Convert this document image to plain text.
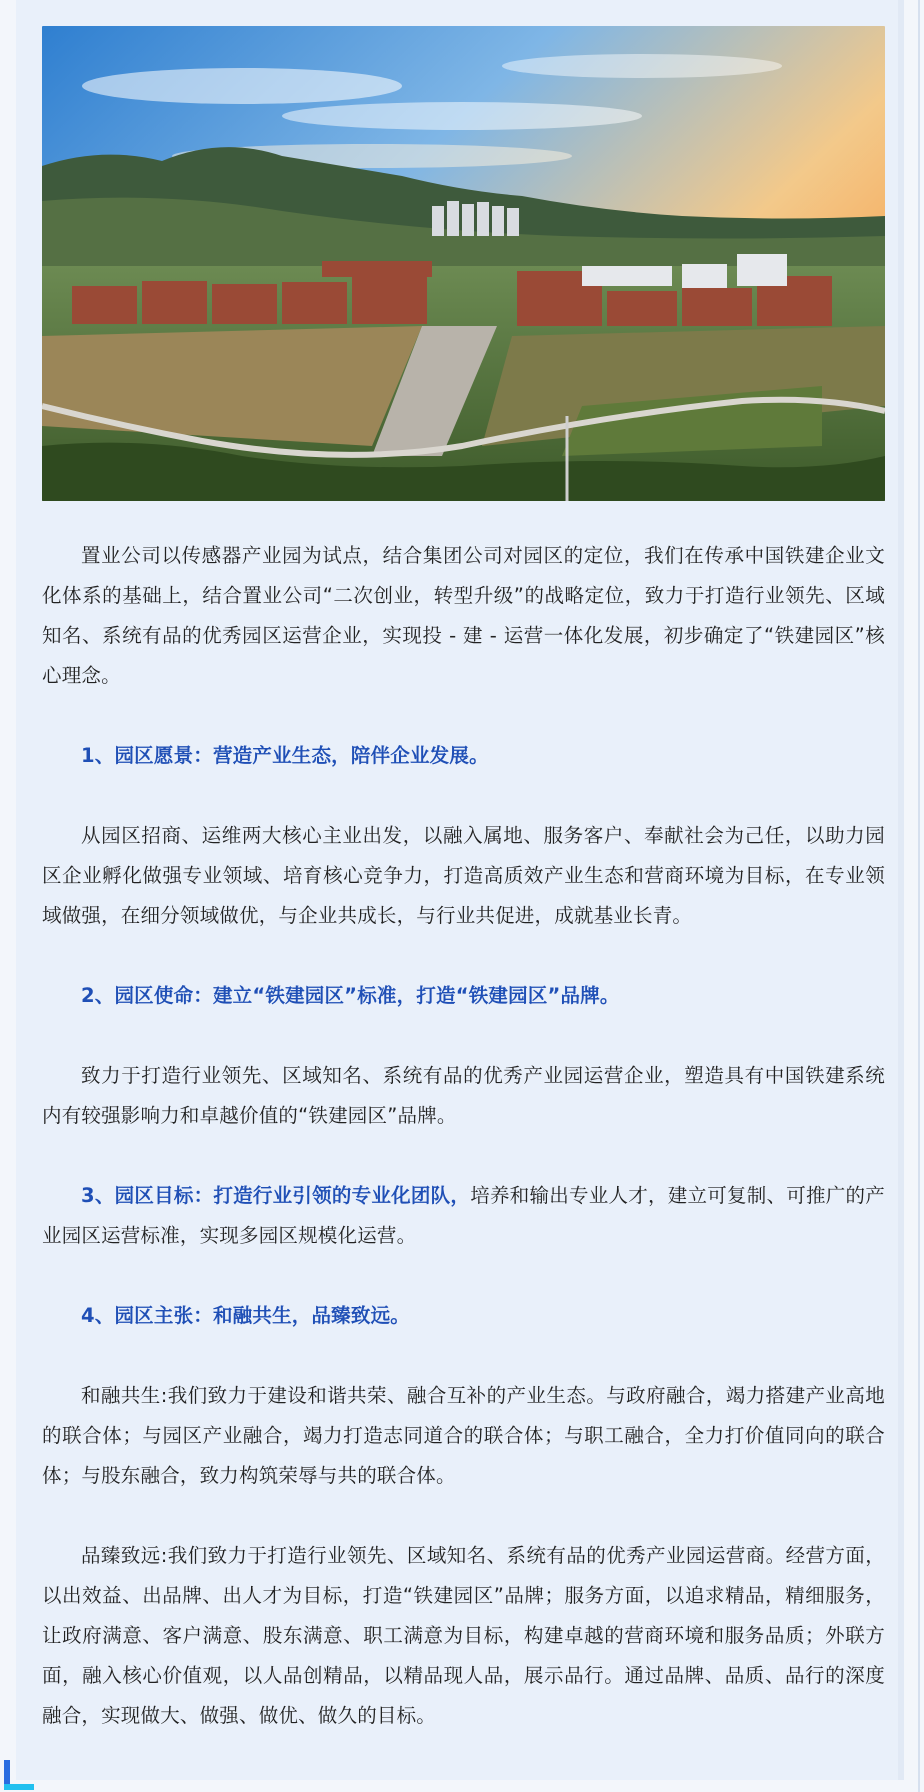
置业公司以传感器产业园为试点，结合集团公司对园区的定位，我们在传承中国铁建企业文化体系的基础上，结合置业公司“二次创业，转型升级”的战略定位，致力于打造行业领先、区域知名、系统有品的优秀园区运营企业，实现投 - 建 - 运营一体化发展，初步确定了“铁建园区”核心理念。

1、园区愿景：营造产业生态，陪伴企业发展。

从园区招商、运维两大核心主业出发，以融入属地、服务客户、奉献社会为己任，以助力园区企业孵化做强专业领域、培育核心竞争力，打造高质效产业生态和营商环境为目标，在专业领域做强，在细分领域做优，与企业共成长，与行业共促进，成就基业长青。

2、园区使命：建立“铁建园区”标准，打造“铁建园区”品牌。

致力于打造行业领先、区域知名、系统有品的优秀产业园运营企业，塑造具有中国铁建系统内有较强影响力和卓越价值的“铁建园区”品牌。

3、园区目标：打造行业引领的专业化团队，培养和输出专业人才，建立可复制、可推广的产业园区运营标准，实现多园区规模化运营。

4、园区主张：和融共生，品臻致远。

和融共生:我们致力于建设和谐共荣、融合互补的产业生态。与政府融合，竭力搭建产业高地的联合体；与园区产业融合，竭力打造志同道合的联合体；与职工融合，全力打价值同向的联合体；与股东融合，致力构筑荣辱与共的联合体。

品臻致远:我们致力于打造行业领先、区域知名、系统有品的优秀产业园运营商。经营方面，以出效益、出品牌、出人才为目标，打造“铁建园区”品牌；服务方面，以追求精品，精细服务，让政府满意、客户满意、股东满意、职工满意为目标，构建卓越的营商环境和服务品质；外联方面，融入核心价值观，以人品创精品，以精品现人品，展示品行。通过品牌、品质、品行的深度融合，实现做大、做强、做优、做久的目标。
